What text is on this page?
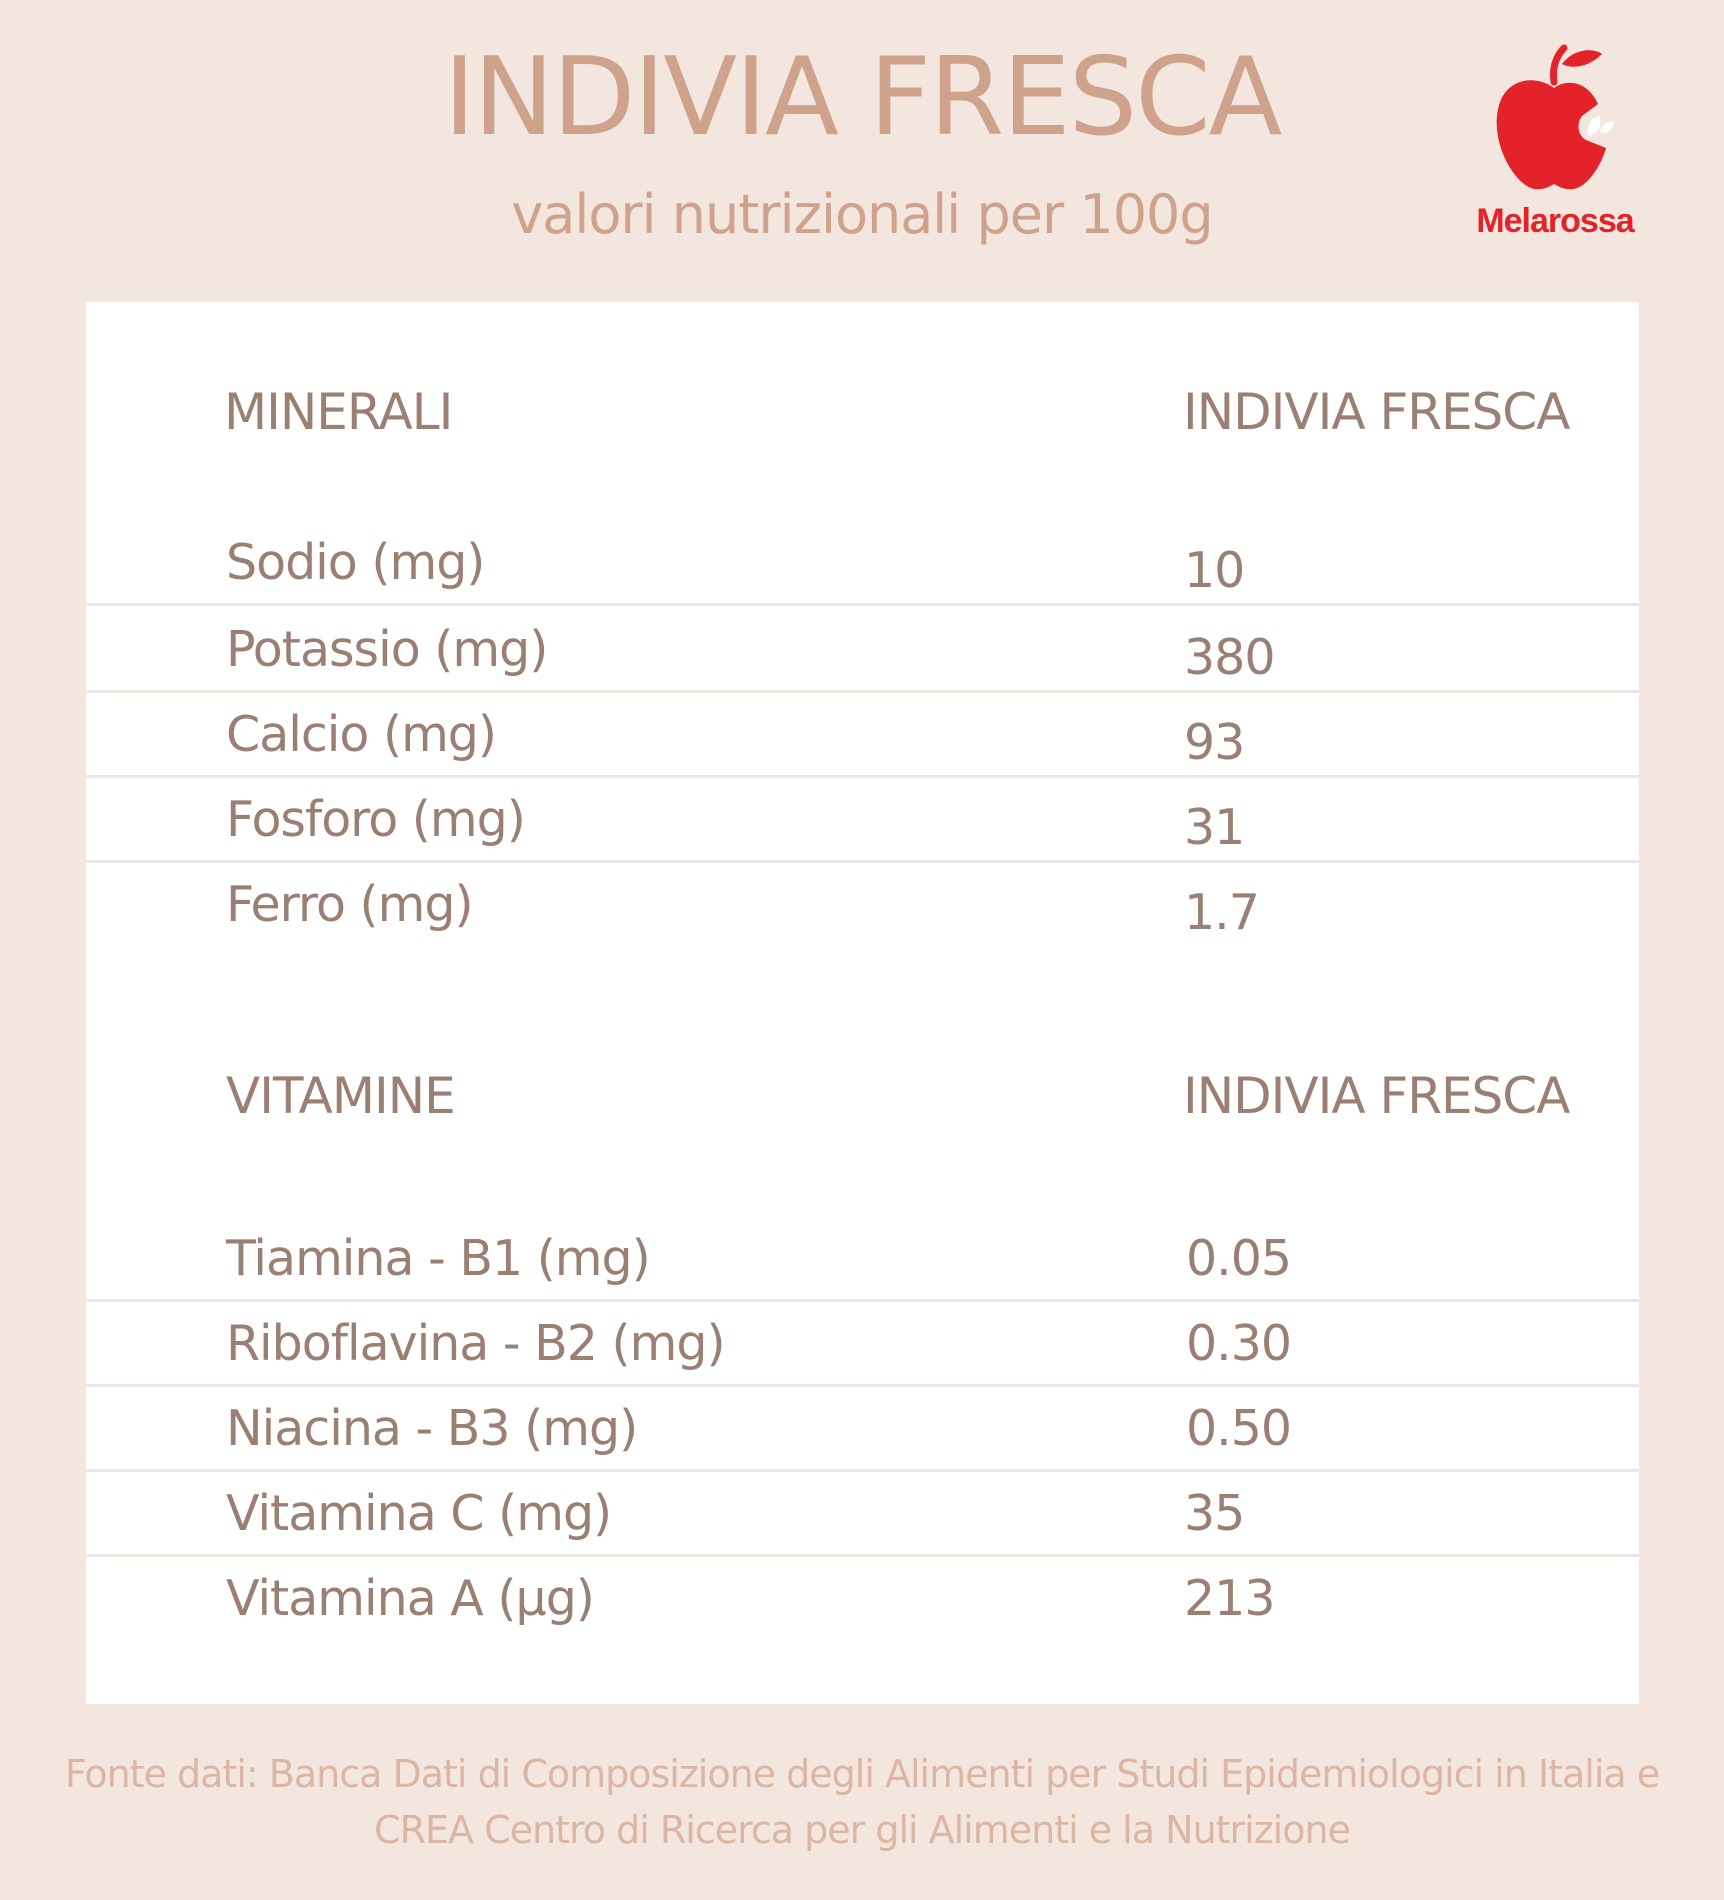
INDIVIA FRESCA
valori nutrizionali per 100g	Melarossa
MINERALI	INDIVIA FRESCA
Sodio (mg)	10
Potassio (mg)	380
Calcio (mg)	93
Fosforo (mg)	31
Ferro (mg)	1.7
VITAMINE	INDIVIA FRESCA
Tiamina - B1 (mg)	0.05
Riboflavina - B2 (mg)	0.30
Niacina - B3 (mg)	0.50
Vitamina C (mg)	35
Vitamina A (µg)	213
Fonte dati: Banca Dati di Composizione degli Alimenti per Studi Epidemiologici in Italia e
CREA Centro di Ricerca per gli Alimenti e la Nutrizione
